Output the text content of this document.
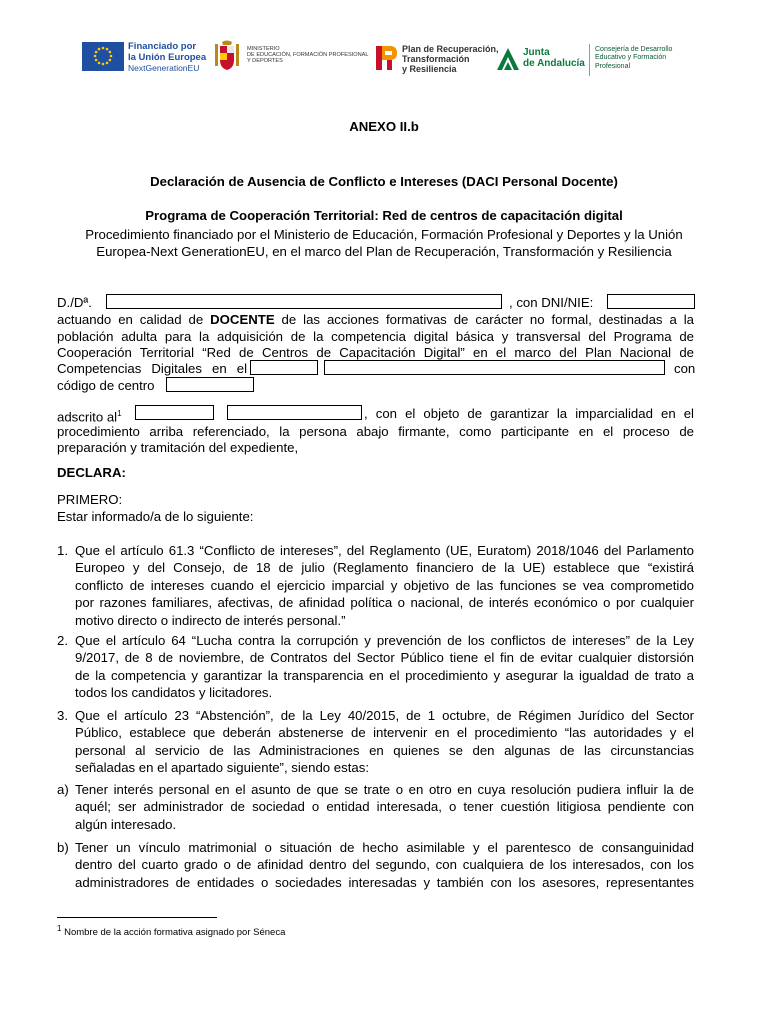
Financiado por
la Unión Europea
NextGenerationEU
MINISTERIO
DE EDUCACIÓN, FORMACIÓN PROFESIONAL
Y DEPORTES
Plan de Recuperación,
Transformación
y Resiliencia
Junta
de Andalucía
Consejería de Desarrollo
Educativo y Formación
Profesional
ANEXO II.b
Declaración de Ausencia de Conflicto e Intereses (DACI Personal Docente)
Programa de Cooperación Territorial: Red de centros de capacitación digital
Procedimiento financiado por el Ministerio de Educación, Formación Profesional y Deportes y la Unión
Europea-Next GenerationEU, en el marco del Plan de Recuperación, Transformación y Resiliencia
D./Dª.	, con DNI/NIE:
actuando en calidad de DOCENTE de las acciones formativas de carácter no formal, destinadas a la
población adulta para la adquisición de la competencia digital básica y transversal del Programa de
Cooperación Territorial “Red de Centros de Capacitación Digital” en el marco del Plan Nacional de
Competencias Digitales en el	con
código de centro
adscrito $al^1$	, con el objeto de garantizar la imparcialidad en el
procedimiento arriba referenciado, la persona abajo firmante, como participante en el proceso de
preparación y tramitación del expediente,
DECLARA:
PRIMERO:
Estar informado/a de lo siguiente:
1. Que el artículo 61.3 “Conflicto de intereses”, del Reglamento (UE, Euratom) 2018/1046 del Parlamento
Europeo y del Consejo, de 18 de julio (Reglamento financiero de la UE) establece que “existirá
conflicto de intereses cuando el ejercicio imparcial y objetivo de las funciones se vea comprometido
por razones familiares, afectivas, de afinidad política o nacional, de interés económico o por cualquier
motivo directo o indirecto de interés personal.”
2. Que el artículo 64 “Lucha contra la corrupción y prevención de los conflictos de intereses” de la Ley
9/2017, de 8 de noviembre, de Contratos del Sector Público tiene el fin de evitar cualquier distorsión
de la competencia y garantizar la transparencia en el procedimiento y asegurar la igualdad de trato a
todos los candidatos y licitadores.
3. Que el artículo 23 “Abstención”, de la Ley 40/2015, de 1 octubre, de Régimen Jurídico del Sector
Público, establece que deberán abstenerse de intervenir en el procedimiento “las autoridades y el
personal al servicio de las Administraciones en quienes se den algunas de las circunstancias
señaladas en el apartado siguiente”, siendo estas:
a) Tener interés personal en el asunto de que se trate o en otro en cuya resolución pudiera influir la de
aquél; ser administrador de sociedad o entidad interesada, o tener cuestión litigiosa pendiente con
algún interesado.
b) Tener un vínculo matrimonial o situación de hecho asimilable y el parentesco de consanguinidad
dentro del cuarto grado o de afinidad dentro del segundo, con cualquiera de los interesados, con los
administradores de entidades o sociedades interesadas y también con los asesores, representantes
$^1$ Nombre de la acción formativa asignado por Séneca
